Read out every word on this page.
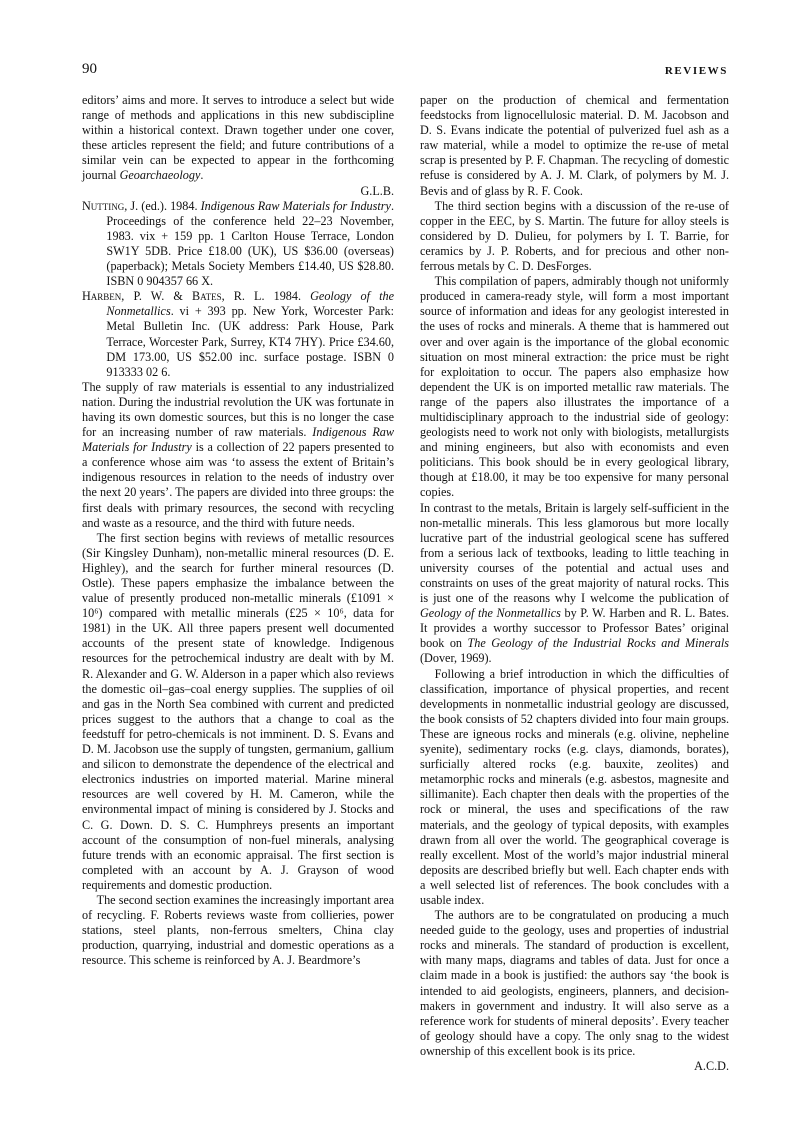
90	REVIEWS

editors’ aims and more. It serves to introduce a select but wide range of methods and applications in this new subdiscipline within a historical context. Drawn together under one cover, these articles represent the field; and future contributions of a similar vein can be expected to appear in the forthcoming journal Geoarchaeology.

G.L.B.

Nutting, J. (ed.). 1984. Indigenous Raw Materials for Industry. Proceedings of the conference held 22–23 November, 1983. vix + 159 pp. 1 Carlton House Terrace, London SW1Y 5DB. Price £18.00 (UK), US $36.00 (overseas) (paperback); Metals Society Members £14.40, US $28.80. ISBN 0 904357 66 X.

Harben, P. W. & Bates, R. L. 1984. Geology of the Nonmetallics. vi + 393 pp. New York, Worcester Park: Metal Bulletin Inc. (UK address: Park House, Park Terrace, Worcester Park, Surrey, KT4 7HY). Price £34.60, DM 173.00, US $52.00 inc. surface postage. ISBN 0 913333 02 6.

The supply of raw materials is essential to any industrialized nation. During the industrial revolution the UK was fortunate in having its own domestic sources, but this is no longer the case for an increasing number of raw materials. Indigenous Raw Materials for Industry is a collection of 22 papers presented to a conference whose aim was ‘to assess the extent of Britain’s indigenous resources in relation to the needs of industry over the next 20 years’. The papers are divided into three groups: the first deals with primary resources, the second with recycling and waste as a resource, and the third with future needs.

The first section begins with reviews of metallic resources (Sir Kingsley Dunham), non-metallic mineral resources (D. E. Highley), and the search for further mineral resources (D. Ostle). These papers emphasize the imbalance between the value of presently produced non-metallic minerals (£1091 × 10⁶) compared with metallic minerals (£25 × 10⁶, data for 1981) in the UK. All three papers present well documented accounts of the present state of knowledge. Indigenous resources for the petrochemical industry are dealt with by M. R. Alexander and G. W. Alderson in a paper which also reviews the domestic oil–gas–coal energy supplies. The supplies of oil and gas in the North Sea combined with current and predicted prices suggest to the authors that a change to coal as the feedstuff for petro-chemicals is not imminent. D. S. Evans and D. M. Jacobson use the supply of tungsten, germanium, gallium and silicon to demonstrate the dependence of the electrical and electronics industries on imported material. Marine mineral resources are well covered by H. M. Cameron, while the environmental impact of mining is considered by J. Stocks and C. G. Down. D. S. C. Humphreys presents an important account of the consumption of non-fuel minerals, analysing future trends with an economic appraisal. The first section is completed with an account by A. J. Grayson of wood requirements and domestic production.

The second section examines the increasingly important area of recycling. F. Roberts reviews waste from collieries, power stations, steel plants, non-ferrous smelters, China clay production, quarrying, industrial and domestic operations as a resource. This scheme is reinforced by A. J. Beardmore’s

paper on the production of chemical and fermentation feedstocks from lignocellulosic material. D. M. Jacobson and D. S. Evans indicate the potential of pulverized fuel ash as a raw material, while a model to optimize the re-use of metal scrap is presented by P. F. Chapman. The recycling of domestic refuse is considered by A. J. M. Clark, of polymers by M. J. Bevis and of glass by R. F. Cook.

The third section begins with a discussion of the re-use of copper in the EEC, by S. Martin. The future for alloy steels is considered by D. Dulieu, for polymers by I. T. Barrie, for ceramics by J. P. Roberts, and for precious and other non-ferrous metals by C. D. DesForges.

This compilation of papers, admirably though not uniformly produced in camera-ready style, will form a most important source of information and ideas for any geologist interested in the uses of rocks and minerals. A theme that is hammered out over and over again is the importance of the global economic situation on most mineral extraction: the price must be right for exploitation to occur. The papers also emphasize how dependent the UK is on imported metallic raw materials. The range of the papers also illustrates the importance of a multidisciplinary approach to the industrial side of geology: geologists need to work not only with biologists, metallurgists and mining engineers, but also with economists and even politicians. This book should be in every geological library, though at £18.00, it may be too expensive for many personal copies.

In contrast to the metals, Britain is largely self-sufficient in the non-metallic minerals. This less glamorous but more locally lucrative part of the industrial geological scene has suffered from a serious lack of textbooks, leading to little teaching in university courses of the potential and actual uses and constraints on uses of the great majority of natural rocks. This is just one of the reasons why I welcome the publication of Geology of the Nonmetallics by P. W. Harben and R. L. Bates. It provides a worthy successor to Professor Bates’ original book on The Geology of the Industrial Rocks and Minerals (Dover, 1969).

Following a brief introduction in which the difficulties of classification, importance of physical properties, and recent developments in nonmetallic industrial geology are discussed, the book consists of 52 chapters divided into four main groups. These are igneous rocks and minerals (e.g. olivine, nepheline syenite), sedimentary rocks (e.g. clays, diamonds, borates), surficially altered rocks (e.g. bauxite, zeolites) and metamorphic rocks and minerals (e.g. asbestos, magnesite and sillimanite). Each chapter then deals with the properties of the rock or mineral, the uses and specifications of the raw materials, and the geology of typical deposits, with examples drawn from all over the world. The geographical coverage is really excellent. Most of the world’s major industrial mineral deposits are described briefly but well. Each chapter ends with a well selected list of references. The book concludes with a usable index.

The authors are to be congratulated on producing a much needed guide to the geology, uses and properties of industrial rocks and minerals. The standard of production is excellent, with many maps, diagrams and tables of data. Just for once a claim made in a book is justified: the authors say ‘the book is intended to aid geologists, engineers, planners, and decision-makers in government and industry. It will also serve as a reference work for students of mineral deposits’. Every teacher of geology should have a copy. The only snag to the widest ownership of this excellent book is its price.

A.C.D.
